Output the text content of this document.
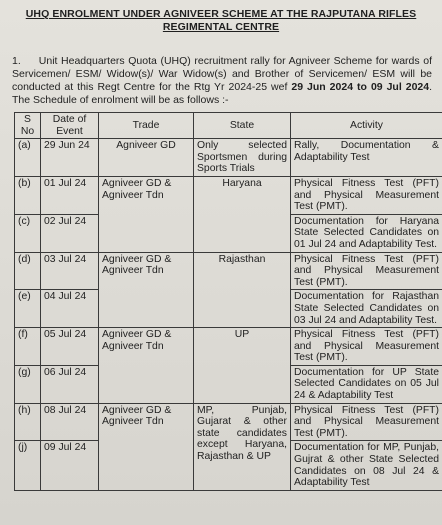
UHQ ENROLMENT UNDER AGNIVEER SCHEME AT THE RAJPUTANA RIFLES
REGIMENTAL CENTRE
1. Unit Headquarters Quota (UHQ) recruitment rally for Agniveer Scheme for wards of Servicemen/ ESM/ Widow(s)/ War Widow(s) and Brother of Servicemen/ ESM will be conducted at this Regt Centre for the Rtg Yr 2024-25 wef 29 Jun 2024 to 09 Jul 2024. The Schedule of enrolment will be as follows :-
S No	Date of Event	Trade	State	Activity
(a)	29 Jun 24	Agniveer GD	Only selected Sportsmen during Sports Trials	Rally, Documentation & Adaptability Test
(b)	01 Jul 24	Agniveer GD & Agniveer Tdn	Haryana	Physical Fitness Test (PFT) and Physical Measurement Test (PMT).
(c)	02 Jul 24			Documentation for Haryana State Selected Candidates on 01 Jul 24 and Adaptability Test.
(d)	03 Jul 24	Agniveer GD & Agniveer Tdn	Rajasthan	Physical Fitness Test (PFT) and Physical Measurement Test (PMT).
(e)	04 Jul 24			Documentation for Rajasthan State Selected Candidates on 03 Jul 24 and Adaptability Test.
(f)	05 Jul 24	Agniveer GD & Agniveer Tdn	UP	Physical Fitness Test (PFT) and Physical Measurement Test (PMT).
(g)	06 Jul 24			Documentation for UP State Selected Candidates on 05 Jul 24 & Adaptability Test
(h)	08 Jul 24	Agniveer GD & Agniveer Tdn	MP, Punjab, Gujarat & other state candidates except Haryana, Rajasthan & UP	Physical Fitness Test (PFT) and Physical Measurement Test (PMT).
(j)	09 Jul 24			Documentation for MP, Punjab, Gujrat & other State Selected Candidates on 08 Jul 24 & Adaptability Test
